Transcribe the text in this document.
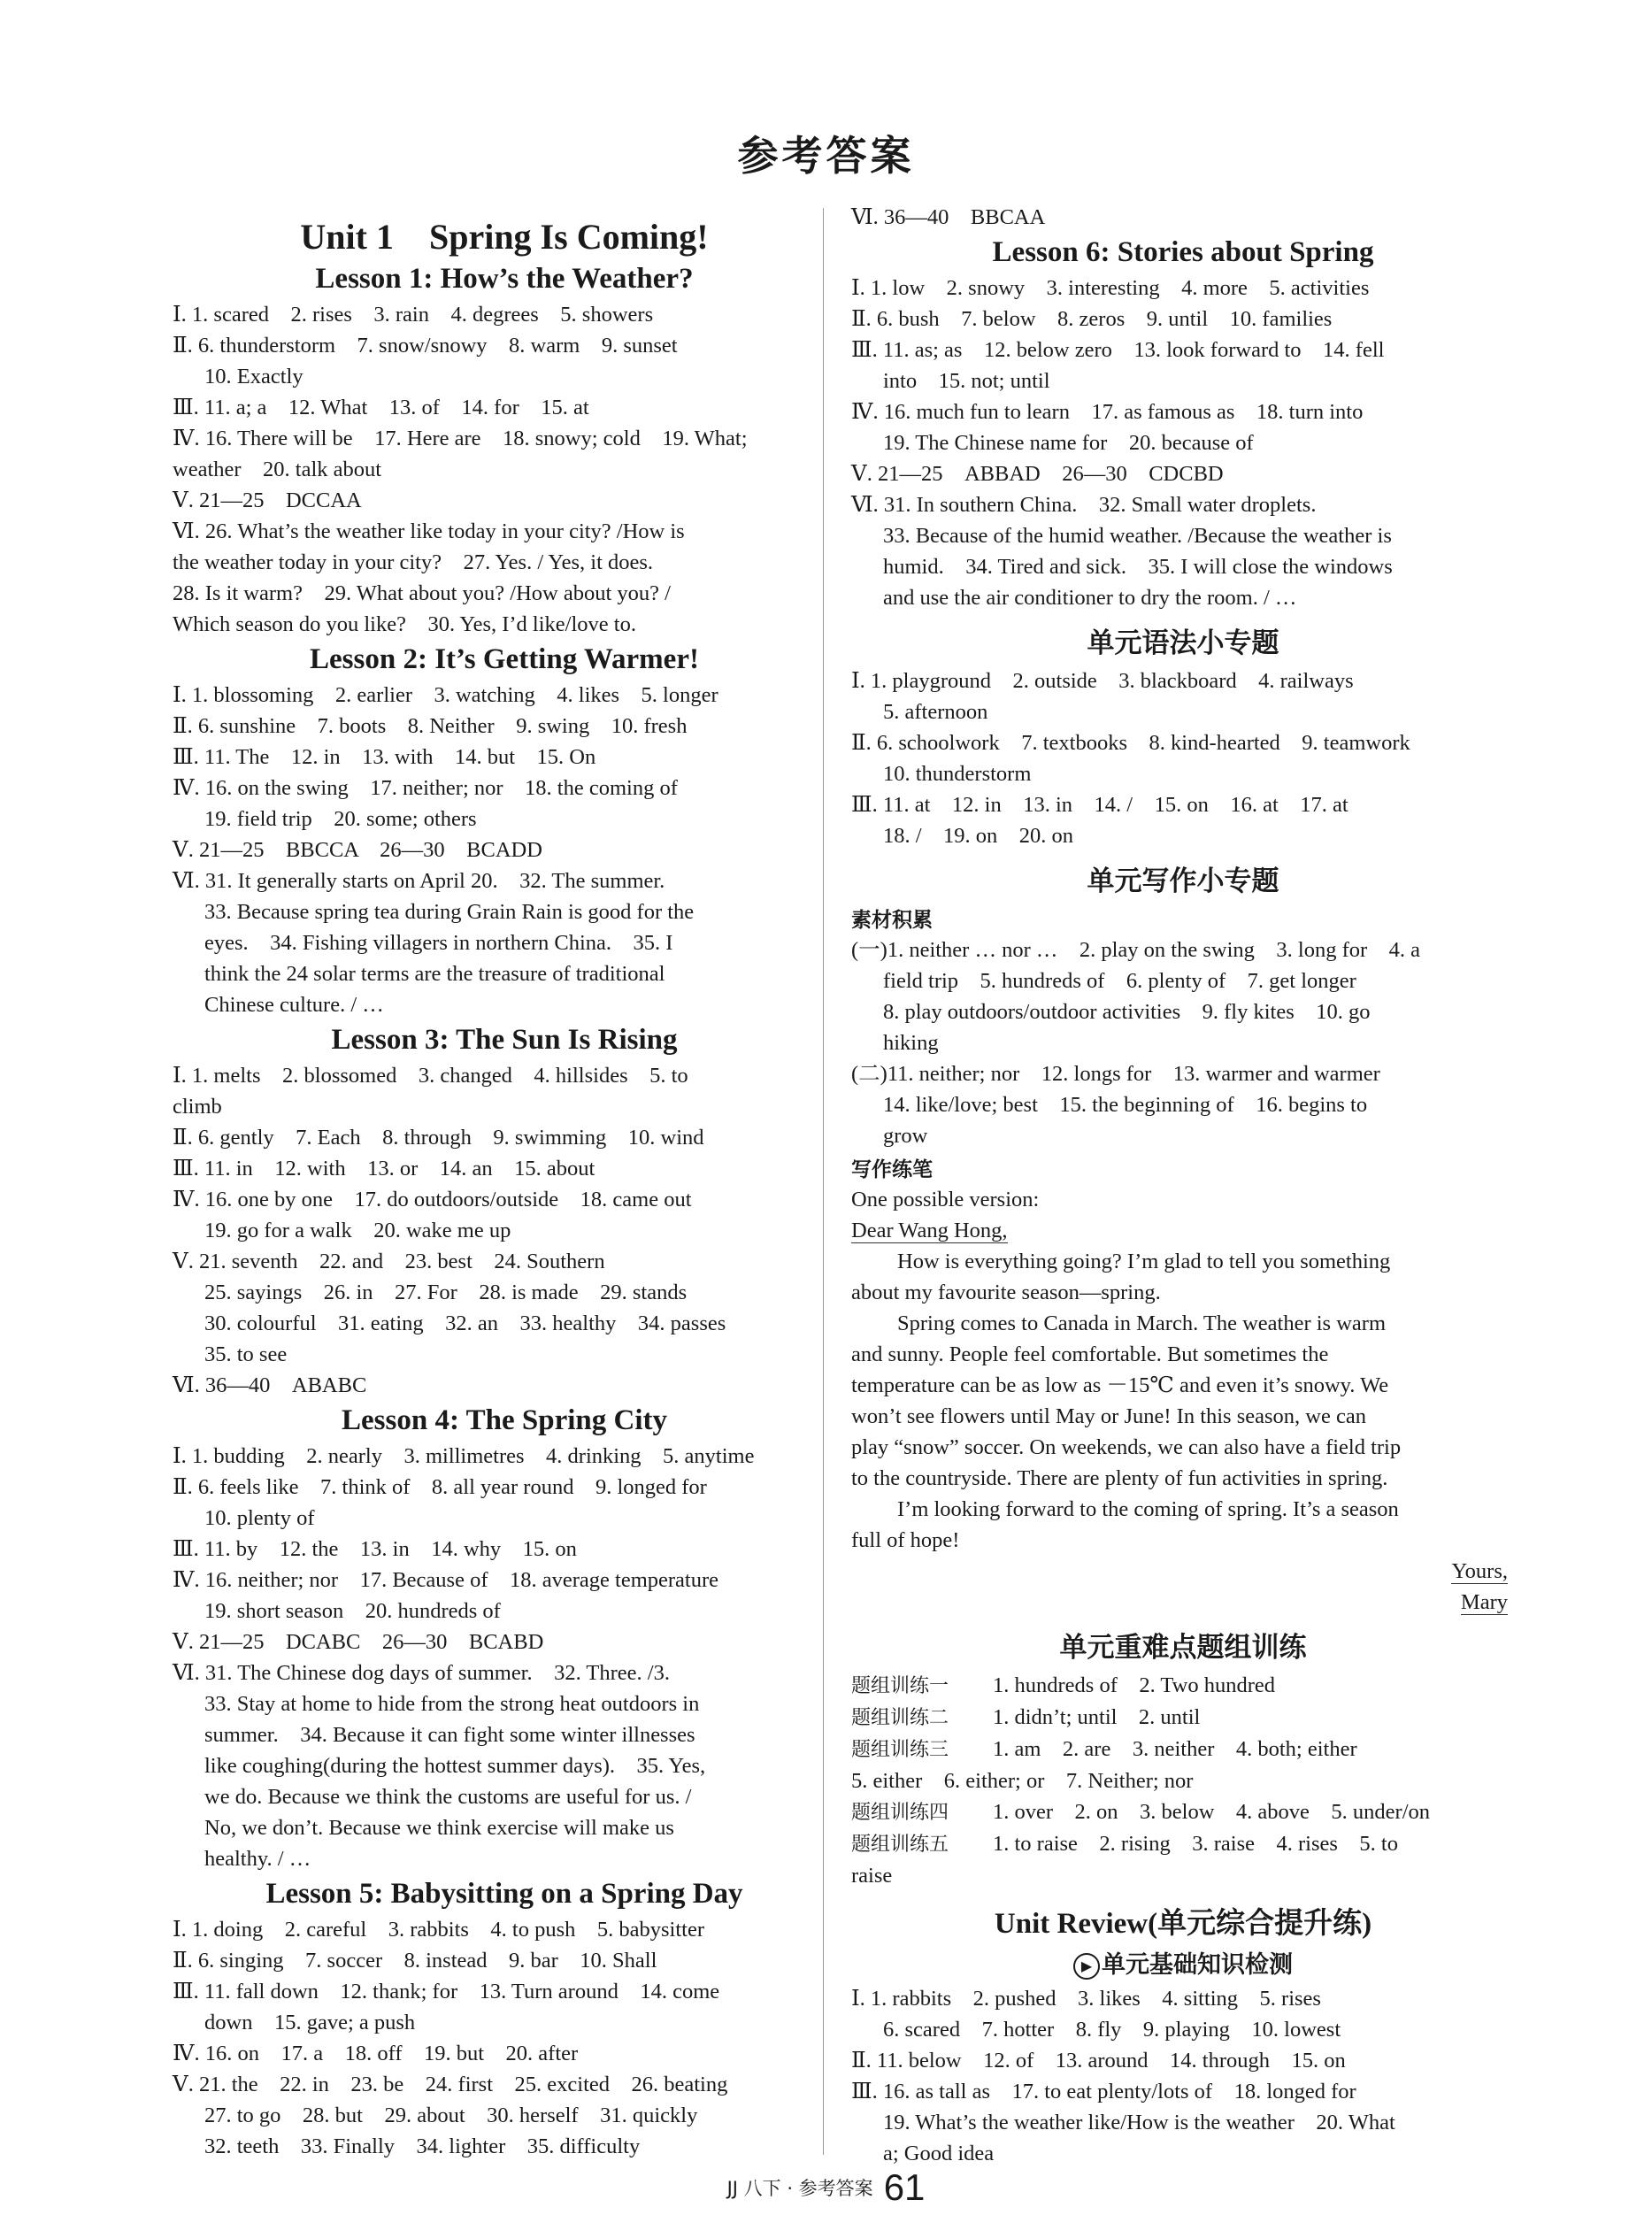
参考答案
Unit 1　Spring Is Coming!
Lesson 1: How’s the Weather?
Ⅰ. 1. scared　2. rises　3. rain　4. degrees　5. showers
Ⅱ. 6. thunderstorm　7. snow/snowy　8. warm　9. sunset
10. Exactly
Ⅲ. 11. a; a　12. What　13. of　14. for　15. at
Ⅳ. 16. There will be　17. Here are　18. snowy; cold　19. What;
weather　20. talk about
Ⅴ. 21—25　DCCAA
Ⅵ. 26. What’s the weather like today in your city? /How is
the weather today in your city?　27. Yes. / Yes, it does.
28. Is it warm?　29. What about you? /How about you? /
Which season do you like?　30. Yes, I’d like/love to.
Lesson 2: It’s Getting Warmer!
Ⅰ. 1. blossoming　2. earlier　3. watching　4. likes　5. longer
Ⅱ. 6. sunshine　7. boots　8. Neither　9. swing　10. fresh
Ⅲ. 11. The　12. in　13. with　14. but　15. On
Ⅳ. 16. on the swing　17. neither; nor　18. the coming of
19. field trip　20. some; others
Ⅴ. 21—25　BBCCA　26—30　BCADD
Ⅵ. 31. It generally starts on April 20.　32. The summer.
33. Because spring tea during Grain Rain is good for the
eyes.　34. Fishing villagers in northern China.　35. I
think the 24 solar terms are the treasure of traditional
Chinese culture. / …
Lesson 3: The Sun Is Rising
Ⅰ. 1. melts　2. blossomed　3. changed　4. hillsides　5. to
climb
Ⅱ. 6. gently　7. Each　8. through　9. swimming　10. wind
Ⅲ. 11. in　12. with　13. or　14. an　15. about
Ⅳ. 16. one by one　17. do outdoors/outside　18. came out
19. go for a walk　20. wake me up
Ⅴ. 21. seventh　22. and　23. best　24. Southern
25. sayings　26. in　27. For　28. is made　29. stands
30. colourful　31. eating　32. an　33. healthy　34. passes
35. to see
Ⅵ. 36—40　ABABC
Lesson 4: The Spring City
Ⅰ. 1. budding　2. nearly　3. millimetres　4. drinking　5. anytime
Ⅱ. 6. feels like　7. think of　8. all year round　9. longed for
10. plenty of
Ⅲ. 11. by　12. the　13. in　14. why　15. on
Ⅳ. 16. neither; nor　17. Because of　18. average temperature
19. short season　20. hundreds of
Ⅴ. 21—25　DCABC　26—30　BCABD
Ⅵ. 31. The Chinese dog days of summer.　32. Three. /3.
33. Stay at home to hide from the strong heat outdoors in
summer.　34. Because it can fight some winter illnesses
like coughing(during the hottest summer days).　35. Yes,
we do. Because we think the customs are useful for us. /
No, we don’t. Because we think exercise will make us
healthy. / …
Lesson 5: Babysitting on a Spring Day
Ⅰ. 1. doing　2. careful　3. rabbits　4. to push　5. babysitter
Ⅱ. 6. singing　7. soccer　8. instead　9. bar　10. Shall
Ⅲ. 11. fall down　12. thank; for　13. Turn around　14. come
down　15. gave; a push
Ⅳ. 16. on　17. a　18. off　19. but　20. after
Ⅴ. 21. the　22. in　23. be　24. first　25. excited　26. beating
27. to go　28. but　29. about　30. herself　31. quickly
32. teeth　33. Finally　34. lighter　35. difficulty
Ⅵ. 36—40　BBCAA
Lesson 6: Stories about Spring
Ⅰ. 1. low　2. snowy　3. interesting　4. more　5. activities
Ⅱ. 6. bush　7. below　8. zeros　9. until　10. families
Ⅲ. 11. as; as　12. below zero　13. look forward to　14. fell
into　15. not; until
Ⅳ. 16. much fun to learn　17. as famous as　18. turn into
19. The Chinese name for　20. because of
Ⅴ. 21—25　ABBAD　26—30　CDCBD
Ⅵ. 31. In southern China.　32. Small water droplets.
33. Because of the humid weather. /Because the weather is
humid.　34. Tired and sick.　35. I will close the windows
and use the air conditioner to dry the room. / …
单元语法小专题
Ⅰ. 1. playground　2. outside　3. blackboard　4. railways
5. afternoon
Ⅱ. 6. schoolwork　7. textbooks　8. kind-hearted　9. teamwork
10. thunderstorm
Ⅲ. 11. at　12. in　13. in　14. /　15. on　16. at　17. at
18. /　19. on　20. on
单元写作小专题
素材积累
(一)1. neither … nor …　2. play on the swing　3. long for　4. a
field trip　5. hundreds of　6. plenty of　7. get longer
8. play outdoors/outdoor activities　9. fly kites　10. go
hiking
(二)11. neither; nor　12. longs for　13. warmer and warmer
14. like/love; best　15. the beginning of　16. begins to
grow
写作练笔
One possible version:
Dear Wang Hong,
How is everything going? I’m glad to tell you something
about my favourite season—spring.
Spring comes to Canada in March. The weather is warm
and sunny. People feel comfortable. But sometimes the
temperature can be as low as －15℃ and even it’s snowy. We
won’t see flowers until May or June! In this season, we can
play “snow” soccer. On weekends, we can also have a field trip
to the countryside. There are plenty of fun activities in spring.
I’m looking forward to the coming of spring. It’s a season
full of hope!
Yours,
Mary
单元重难点题组训练
题组训练一 1. hundreds of　2. Two hundred
题组训练二 1. didn’t; until　2. until
题组训练三 1. am　2. are　3. neither　4. both; either
5. either　6. either; or　7. Neither; nor
题组训练四 1. over　2. on　3. below　4. above　5. under/on
题组训练五 1. to raise　2. rising　3. raise　4. rises　5. to
raise
Unit Review(单元综合提升练)
▶ 单元基础知识检测
Ⅰ. 1. rabbits　2. pushed　3. likes　4. sitting　5. rises
6. scared　7. hotter　8. fly　9. playing　10. lowest
Ⅱ. 11. below　12. of　13. around　14. through　15. on
Ⅲ. 16. as tall as　17. to eat plenty/lots of　18. longed for
19. What’s the weather like/How is the weather　20. What
a; Good idea
JJ 八下 · 参考答案 61
